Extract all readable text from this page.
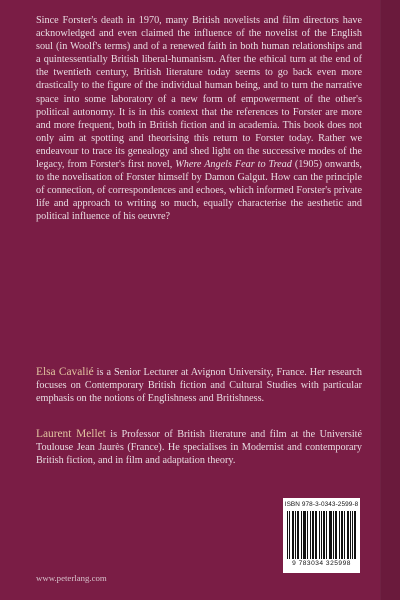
Since Forster's death in 1970, many British novelists and film directors have acknowledged and even claimed the influence of the novelist of the English soul (in Woolf's terms) and of a renewed faith in both human relationships and a quintessentially British liberal-humanism. After the ethical turn at the end of the twentieth century, British literature today seems to go back even more drastically to the figure of the individual human being, and to turn the narrative space into some laboratory of a new form of empowerment of the other's political autonomy. It is in this context that the references to Forster are more and more frequent, both in British fiction and in academia. This book does not only aim at spotting and theorising this return to Forster today. Rather we endeavour to trace its genealogy and shed light on the successive modes of the legacy, from Forster's first novel, Where Angels Fear to Tread (1905) onwards, to the novelisation of Forster himself by Damon Galgut. How can the principle of connection, of correspondences and echoes, which informed Forster's private life and approach to writing so much, equally characterise the aesthetic and political influence of his oeuvre?

Elsa Cavalié is a Senior Lecturer at Avignon University, France. Her research focuses on Contemporary British fiction and Cultural Studies with particular emphasis on the notions of Englishness and Britishness.

Laurent Mellet is Professor of British literature and film at the Université Toulouse Jean Jaurès (France). He specialises in Modernist and contemporary British fiction, and in film and adaptation theory.

ISBN 978-3-0343-2599-8
9 783034 325998
www.peterlang.com
